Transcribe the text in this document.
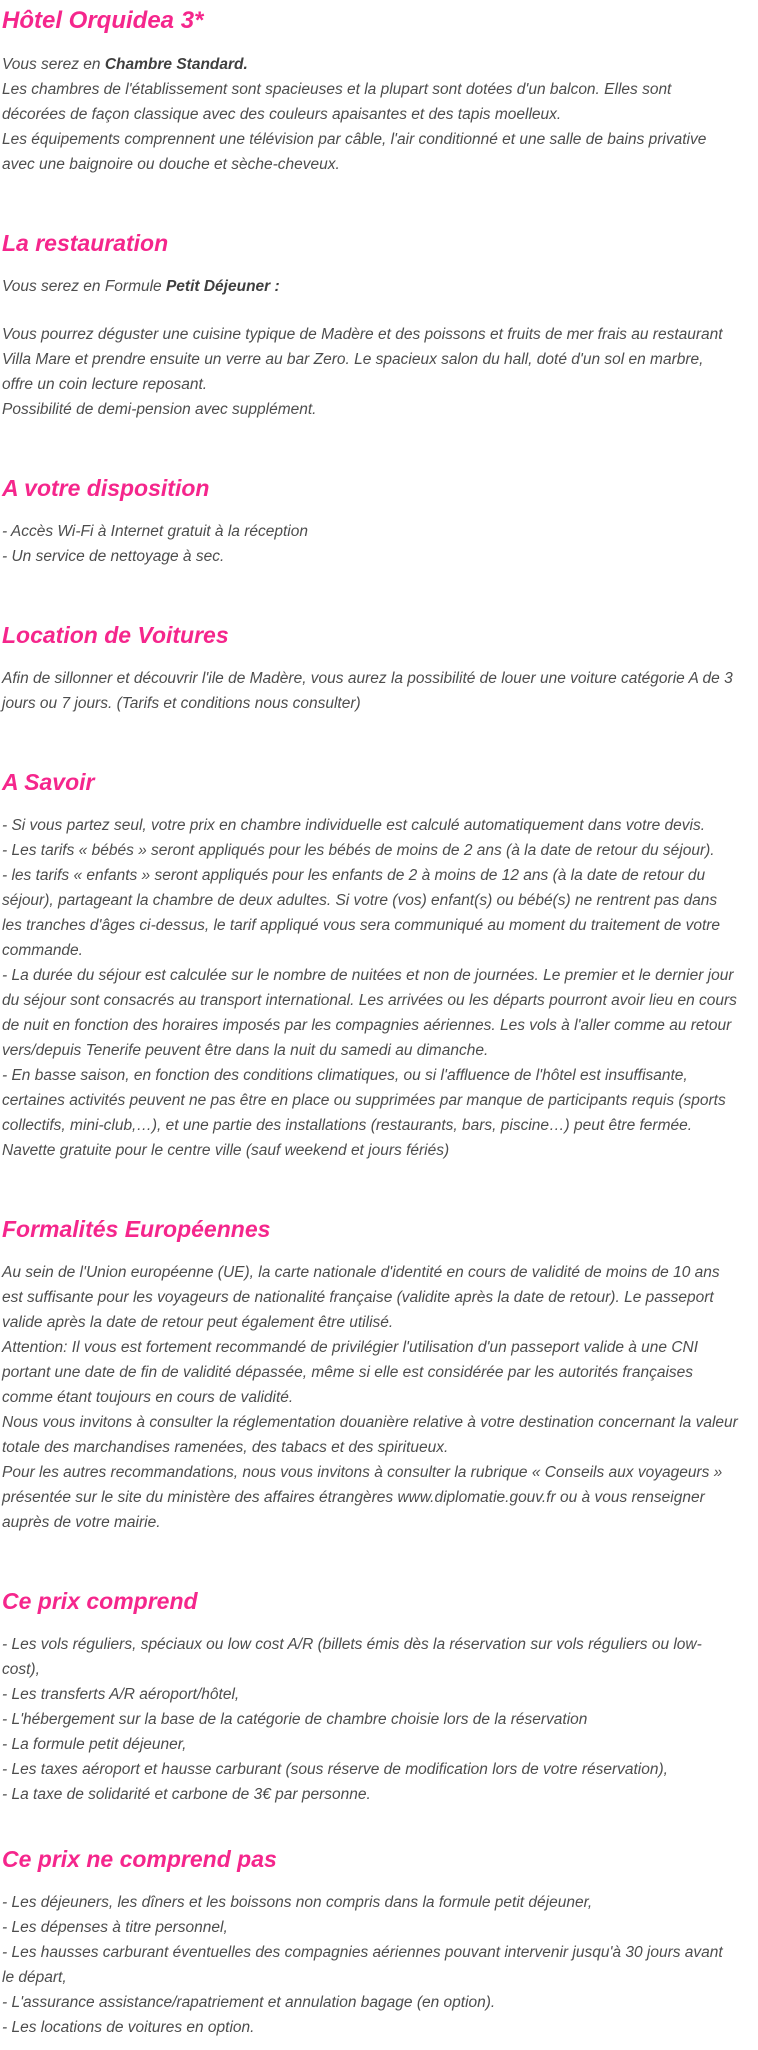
Hôtel Orquidea 3*

Vous serez en Chambre Standard.

Les chambres de l'établissement sont spacieuses et la plupart sont dotées d'un balcon. Elles sont décorées de façon classique avec des couleurs apaisantes et des tapis moelleux.

Les équipements comprennent une télévision par câble, l'air conditionné et une salle de bains privative avec une baignoire ou douche et sèche-cheveux.

La restauration

Vous serez en Formule Petit Déjeuner :

Vous pourrez déguster une cuisine typique de Madère et des poissons et fruits de mer frais au restaurant Villa Mare et prendre ensuite un verre au bar Zero. Le spacieux salon du hall, doté d'un sol en marbre, offre un coin lecture reposant.

Possibilité de demi-pension avec supplément.

A votre disposition

- Accès Wi-Fi à Internet gratuit à la réception

- Un service de nettoyage à sec.

Location de Voitures

Afin de sillonner et découvrir l'ile de Madère, vous aurez la possibilité de louer une voiture catégorie A de 3 jours ou 7 jours. (Tarifs et conditions nous consulter)

A Savoir

- Si vous partez seul, votre prix en chambre individuelle est calculé automatiquement dans votre devis.

- Les tarifs « bébés » seront appliqués pour les bébés de moins de 2 ans (à la date de retour du séjour).

- les tarifs « enfants » seront appliqués pour les enfants de 2 à moins de 12 ans (à la date de retour du séjour), partageant la chambre de deux adultes. Si votre (vos) enfant(s) ou bébé(s) ne rentrent pas dans les tranches d'âges ci-dessus, le tarif appliqué vous sera communiqué au moment du traitement de votre commande.

- La durée du séjour est calculée sur le nombre de nuitées et non de journées. Le premier et le dernier jour du séjour sont consacrés au transport international. Les arrivées ou les départs pourront avoir lieu en cours de nuit en fonction des horaires imposés par les compagnies aériennes. Les vols à l'aller comme au retour vers/depuis Tenerife peuvent être dans la nuit du samedi au dimanche.

- En basse saison, en fonction des conditions climatiques, ou si l'affluence de l'hôtel est insuffisante, certaines activités peuvent ne pas être en place ou supprimées par manque de participants requis (sports collectifs, mini-club,…), et une partie des installations (restaurants, bars, piscine…) peut être fermée.

Navette gratuite pour le centre ville (sauf weekend et jours fériés)

Formalités Européennes

Au sein de l'Union européenne (UE), la carte nationale d'identité en cours de validité de moins de 10 ans est suffisante pour les voyageurs de nationalité française (validite après la date de retour). Le passeport valide après la date de retour peut également être utilisé.

Attention: Il vous est fortement recommandé de privilégier l'utilisation d'un passeport valide à une CNI portant une date de fin de validité dépassée, même si elle est considérée par les autorités françaises comme étant toujours en cours de validité.

Nous vous invitons à consulter la réglementation douanière relative à votre destination concernant la valeur totale des marchandises ramenées, des tabacs et des spiritueux.

Pour les autres recommandations, nous vous invitons à consulter la rubrique « Conseils aux voyageurs » présentée sur le site du ministère des affaires étrangères www.diplomatie.gouv.fr ou à vous renseigner auprès de votre mairie.

Ce prix comprend

- Les vols réguliers, spéciaux ou low cost A/R (billets émis dès la réservation sur vols réguliers ou low-cost),

- Les transferts A/R aéroport/hôtel,

- L'hébergement sur la base de la catégorie de chambre choisie lors de la réservation

- La formule petit déjeuner,

- Les taxes aéroport et hausse carburant (sous réserve de modification lors de votre réservation),

- La taxe de solidarité et carbone de 3€ par personne.

Ce prix ne comprend pas

- Les déjeuners, les dîners et les boissons non compris dans la formule petit déjeuner,

- Les dépenses à titre personnel,

- Les hausses carburant éventuelles des compagnies aériennes pouvant intervenir jusqu'à 30 jours avant le départ,

- L'assurance assistance/rapatriement et annulation bagage (en option).

- Les locations de voitures en option.
